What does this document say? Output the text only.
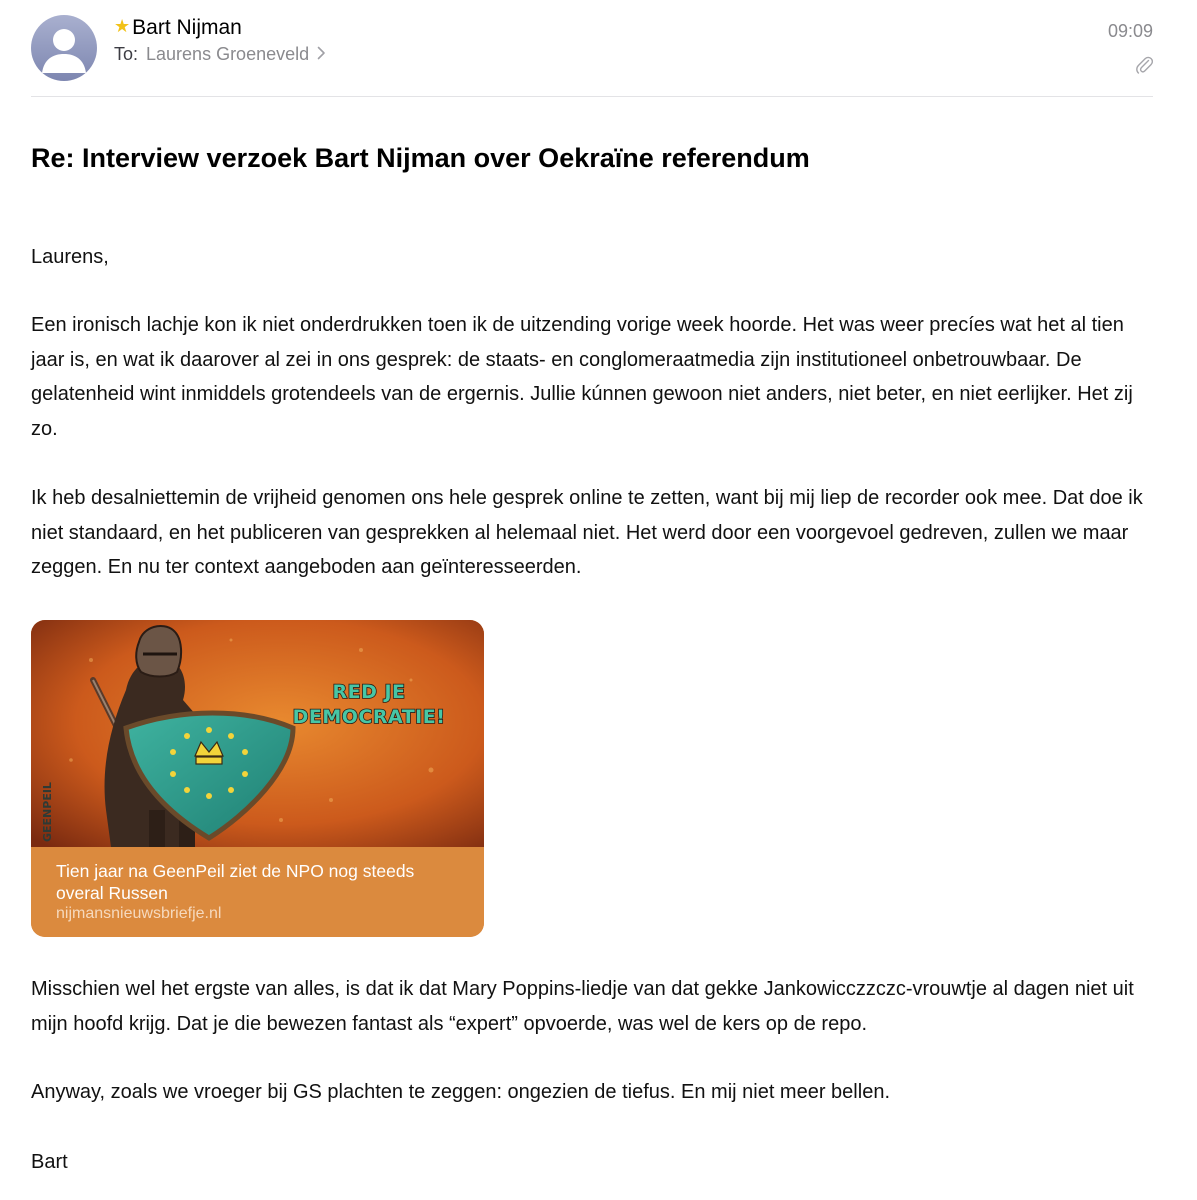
★ Bart Nijman
To: Laurens Groeneveld
09:09
Re: Interview verzoek Bart Nijman over Oekraïne referendum
Laurens,
Een ironisch lachje kon ik niet onderdrukken toen ik de uitzending vorige week hoorde. Het was weer precíes wat het al tien jaar is, en wat ik daarover al zei in ons gesprek: de staats- en conglomeraatmedia zijn institutioneel onbetrouwbaar. De gelatenheid wint inmiddels grotendeels van de ergernis. Jullie kúnnen gewoon niet anders, niet beter, en niet eerlijker. Het zij zo.
Ik heb desalniettemin de vrijheid genomen ons hele gesprek online te zetten, want bij mij liep de recorder ook mee. Dat doe ik niet standaard, en het publiceren van gesprekken al helemaal niet. Het werd door een voorgevoel gedreven, zullen we maar zeggen. En nu ter context aangeboden aan geïnteresseerden.
RED JE
DEMOCRATIE!
GEENPEIL
Tien jaar na GeenPeil ziet de NPO nog steeds overal Russen
nijmansnieuwsbriefje.nl
Misschien wel het ergste van alles, is dat ik dat Mary Poppins-liedje van dat gekke Jankowicczzczc-vrouwtje al dagen niet uit mijn hoofd krijg. Dat je die bewezen fantast als “expert” opvoerde, was wel de kers op de repo.
Anyway, zoals we vroeger bij GS plachten te zeggen: ongezien de tiefus. En mij niet meer bellen.
Bart
